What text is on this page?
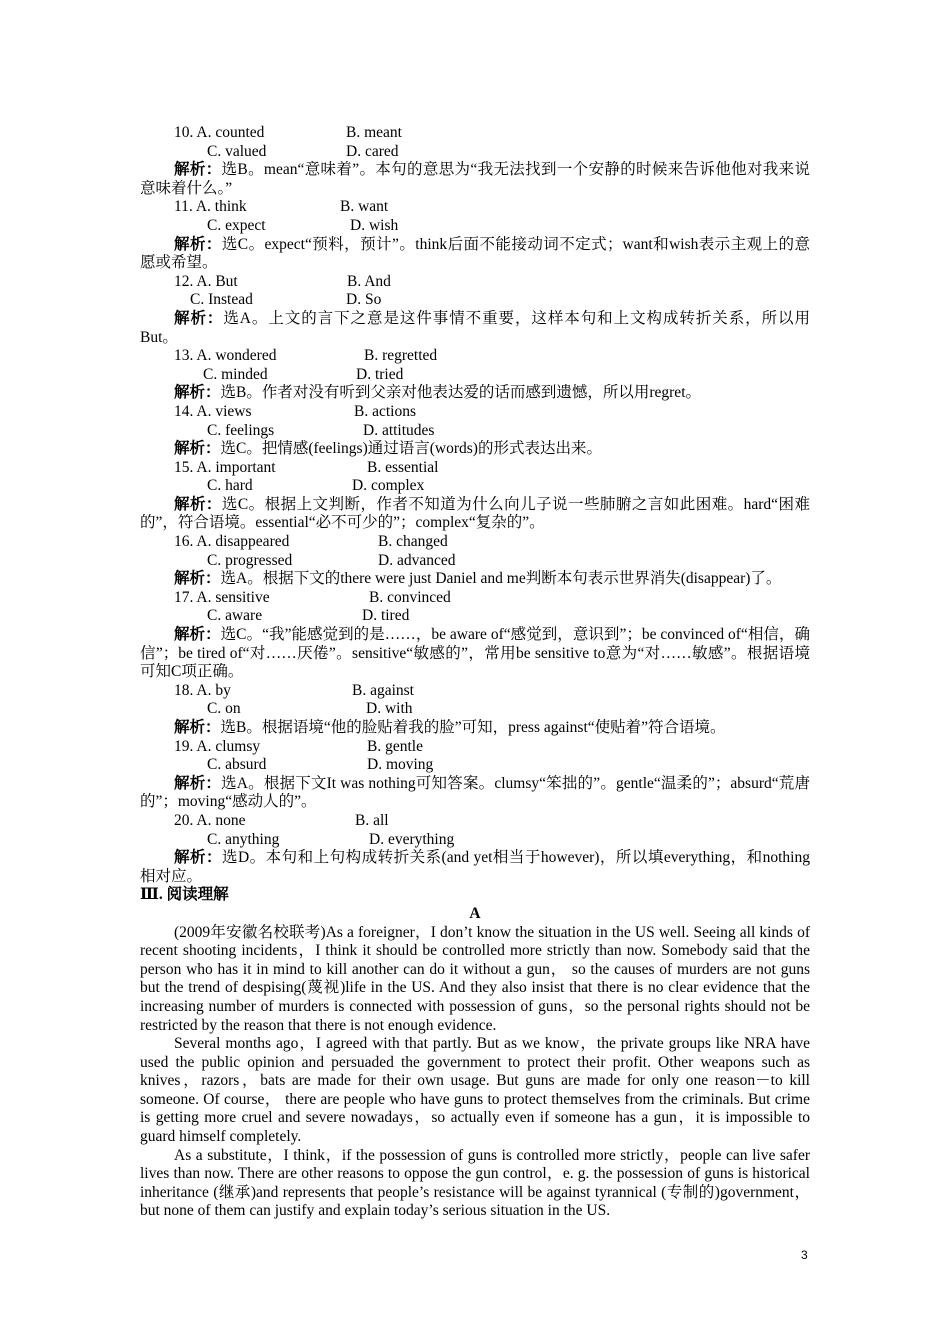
10. A. counted	B. meant
C. valued	D. cared
解析：选B。mean“意味着”。本句的意思为“我无法找到一个安静的时候来告诉他他对我来说意味着什么。”
11. A. think	B. want
C. expect	D. wish
解析：选C。expect“预料，预计”。think后面不能接动词不定式；want和wish表示主观上的意愿或希望。
12. A. But	B. And
C. Instead	D. So
解析：选A。上文的言下之意是这件事情不重要，这样本句和上文构成转折关系，所以用But。
13. A. wondered	B. regretted
C. minded	D. tried
解析：选B。作者对没有听到父亲对他表达爱的话而感到遗憾，所以用regret。
14. A. views	B. actions
C. feelings	D. attitudes
解析：选C。把情感(feelings)通过语言(words)的形式表达出来。
15. A. important	B. essential
C. hard	D. complex
解析：选C。根据上文判断，作者不知道为什么向儿子说一些肺腑之言如此困难。hard“困难的”，符合语境。essential“必不可少的”；complex“复杂的”。
16. A. disappeared	B. changed
C. progressed	D. advanced
解析：选A。根据下文的there were just Daniel and me判断本句表示世界消失(disappear)了。
17. A. sensitive	B. convinced
C. aware	D. tired
解析：选C。“我”能感觉到的是……，be aware of“感觉到，意识到”；be convinced of“相信，确信”；be tired of“对……厌倦”。sensitive“敏感的”，常用be sensitive to意为“对……敏感”。根据语境可知C项正确。
18. A. by	B. against
C. on	D. with
解析：选B。根据语境“他的脸贴着我的脸”可知，press against“使贴着”符合语境。
19. A. clumsy	B. gentle
C. absurd	D. moving
解析：选A。根据下文It was nothing可知答案。clumsy“笨拙的”。gentle“温柔的”；absurd“荒唐的”；moving“感动人的”。
20. A. none	B. all
C. anything	D. everything
解析：选D。本句和上句构成转折关系(and yet相当于however)，所以填everything，和nothing相对应。
Ⅲ. 阅读理解
A
(2009年安徽名校联考)As a foreigner，I don’t know the situation in the US well. Seeing all kinds of recent shooting incidents，I think it should be controlled more strictly than now. Somebody said that the person who has it in mind to kill another can do it without a gun， so the causes of murders are not guns but the trend of despising(蔑视)life in the US. And they also insist that there is no clear evidence that the increasing number of murders is connected with possession of guns，so the personal rights should not be restricted by the reason that there is not enough evidence.
Several months ago，I agreed with that partly. But as we know，the private groups like NRA have used the public opinion and persuaded the government to protect their profit. Other weapons such as knives，razors，bats are made for their own usage. But guns are made for only one reason－to kill someone. Of course， there are people who have guns to protect themselves from the criminals. But crime is getting more cruel and severe nowadays，so actually even if someone has a gun，it is impossible to guard himself completely.
As a substitute，I think，if the possession of guns is controlled more strictly，people can live safer lives than now. There are other reasons to oppose the gun control，e. g. the possession of guns is historical inheritance (继承)and represents that people’s resistance will be against tyrannical (专制的)government，but none of them can justify and explain today’s serious situation in the US.
3
